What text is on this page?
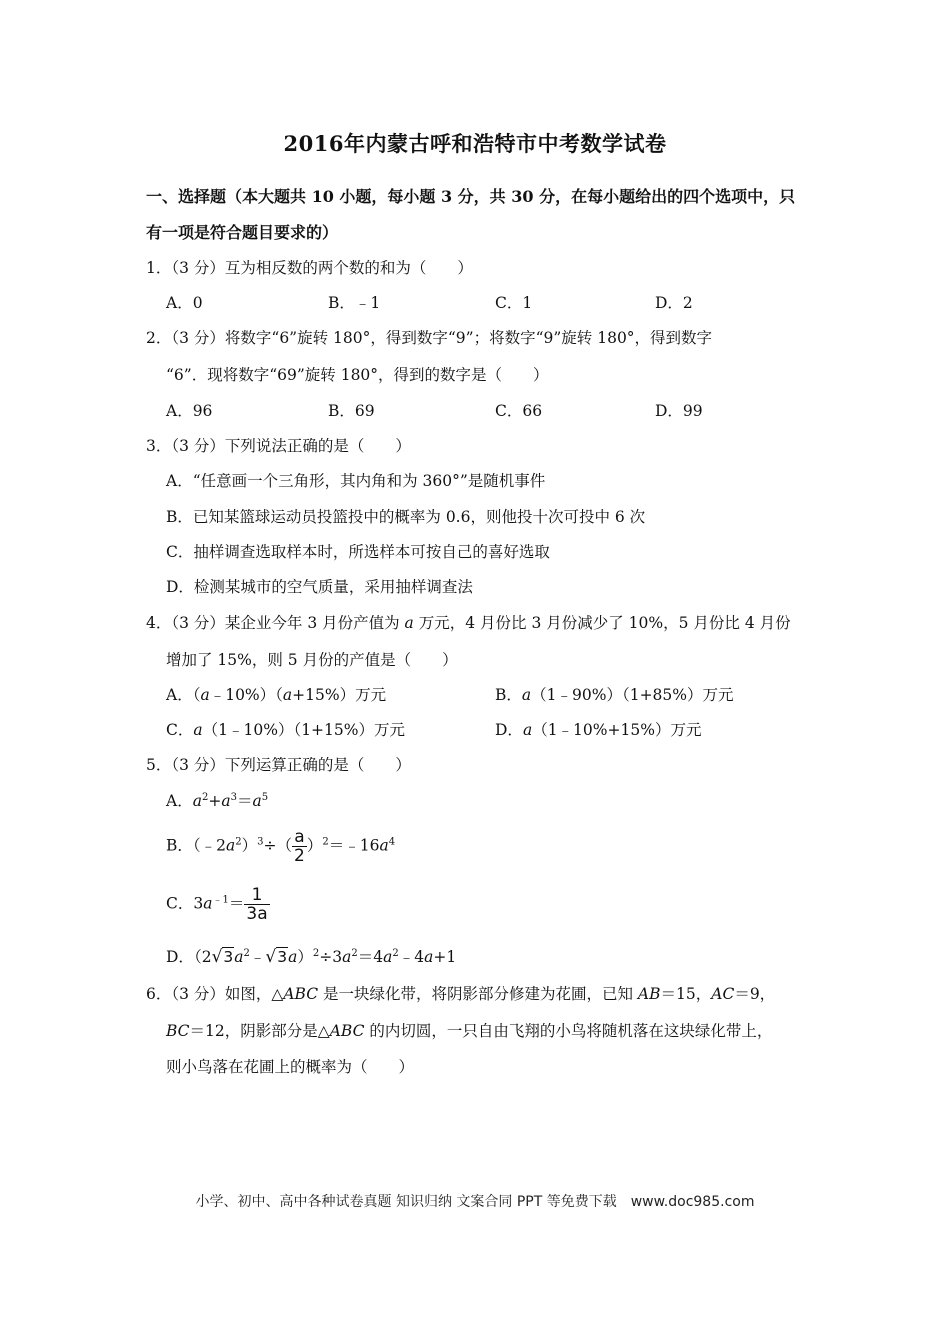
2016年内蒙古呼和浩特市中考数学试卷
一、选择题（本大题共 10 小题，每小题 3 分，共 30 分，在每小题给出的四个选项中，只
有一项是符合题目要求的）
1．（3 分）互为相反数的两个数的和为（　　）
A．0	B．﹣1	C．1	D．2
2．（3 分）将数字“6”旋转 180°，得到数字“9”；将数字“9”旋转 180°，得到数字
“6”．现将数字“69”旋转 180°，得到的数字是（　　）
A．96	B．69	C．66	D．99
3．（3 分）下列说法正确的是（　　）
A．“任意画一个三角形，其内角和为 360°”是随机事件
B．已知某篮球运动员投篮投中的概率为 0.6，则他投十次可投中 6 次
C．抽样调查选取样本时，所选样本可按自己的喜好选取
D．检测某城市的空气质量，采用抽样调查法
4．（3 分）某企业今年 3 月份产值为 a 万元，4 月份比 3 月份减少了 10%，5 月份比 4 月份
增加了 15%，则 5 月份的产值是（　　）
A．（a﹣10%）（a+15%）万元	B．a（1﹣90%）（1+85%）万元
C．a（1﹣10%）（1+15%）万元	D．a（1﹣10%+15%）万元
5．（3 分）下列运算正确的是（　　）
A．$a^2+a^3=a^5$
B．$(﹣2a^2)^3\div( \frac{a}{2}$ ）$^2=﹣16a^4$
C．$3a^{﹣1}= \frac{1}{3a}$
D．$(2√3a^2﹣√3a)^2\div 3a^2=4a^2﹣4a+1$
6．（3 分）如图，△ABC 是一块绿化带，将阴影部分修建为花圃，已知 AB＝15，AC＝9，
BC＝12，阴影部分是△ABC 的内切圆，一只自由飞翔的小鸟将随机落在这块绿化带上，
则小鸟落在花圃上的概率为（　　）
小学、初中、高中各种试卷真题 知识归纳 文案合同 PPT 等免费下载　www.doc985.com
